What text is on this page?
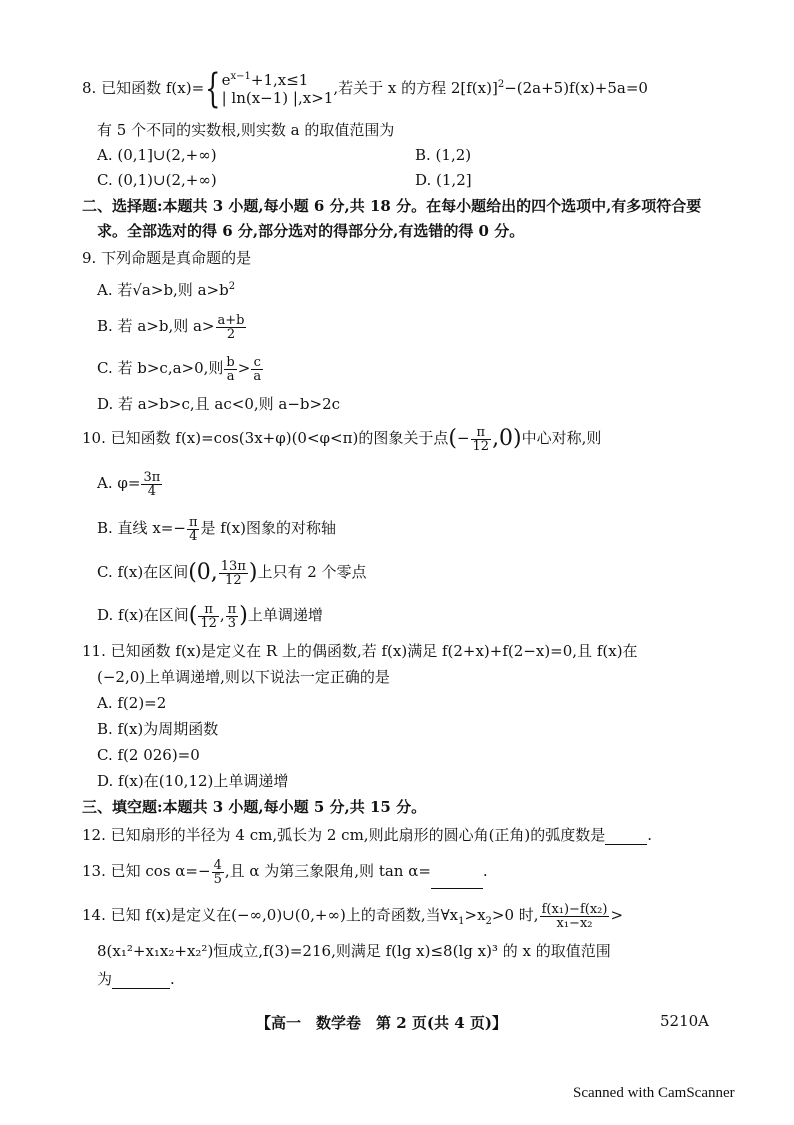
8. 已知函数 f(x)={ $e^{x-1}+1,x\le 1$
| ln(x−1) |,x>1
,若关于 x 的方程 $2[f(x)]^2-(2a+5)f(x)+5a=0$
有 5 个不同的实数根,则实数 a 的取值范围为
A. (0,1]∪(2,+∞)	B. (1,2)
C. (0,1)∪(2,+∞)	D. (1,2]
二、选择题:本题共 3 小题,每小题 6 分,共 18 分。在每小题给出的四个选项中,有多项符合要
求。全部选对的得 6 分,部分选对的得部分分,有选错的得 0 分。
9. 下列命题是真命题的是
A. 若√a>b,则 $a>b^2$
B. 若 a>b,则 $a> \frac{a+b}{2}$
C. 若 b>c,a>0,则 $\frac{b}{a} > \frac{c}{a}$
D. 若 a>b>c,且 ac<0,则 a−b>2c
10. 已知函数 f(x)=cos(3x+φ)(0<φ<π)的图象关于点(− $\frac{\pi}{12} ,0$)中心对称,则
A. $\varphi= \frac{3\pi}{4}$
B. 直线 $x=- \frac{\pi}{4}$ 是 f(x)图象的对称轴
C. f(x)在区间(0, $\frac{13\pi}{12}$ )上只有 2 个零点
D. f(x)在区间( $\frac{\pi}{12}$ , $\frac{\pi}{3}$ )上单调递增
11. 已知函数 f(x)是定义在 R 上的偶函数,若 f(x)满足 f(2+x)+f(2−x)=0,且 f(x)在
(−2,0)上单调递增,则以下说法一定正确的是
A. f(2)=2
B. f(x)为周期函数
C. f(2 026)=0
D. f(x)在(10,12)上单调递增
三、填空题:本题共 3 小题,每小题 5 分,共 15 分。
12. 已知扇形的半径为 4 cm,弧长为 2 cm,则此扇形的圆心角(正角)的弧度数是	.
13. 已知 $\cos \alpha=- \frac{4}{5}$ ,且 α 为第三象限角,则 tan α=	.
14. 已知 f(x)是定义在(−∞,0)∪(0,+∞)上的奇函数,当$\forall x_1>x_2>0$ 时, $\frac{\text{f(x₁)−f(x₂)}}{\text{x₁−x₂}}$ >
8(x₁²+x₁x₂+x₂²)恒成立,f(3)=216,则满足 f(lg x)≤8(lg x)³ 的 x 的取值范围
为	.
【高一　数学卷　第 2 页(共 4 页)】	5210A
Scanned with CamScanner
